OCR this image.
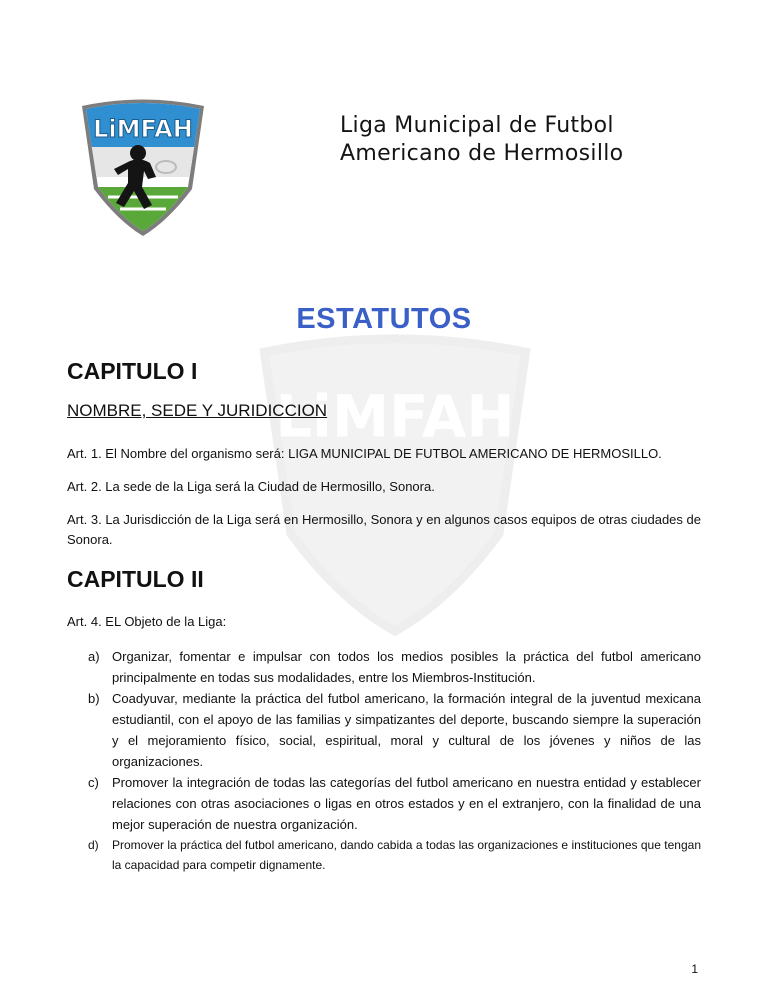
LiMFAH
LiMFAH	Liga Municipal de Futbol
Americano de Hermosillo
ESTATUTOS
CAPITULO I
NOMBRE, SEDE Y JURIDICCION
Art. 1. El Nombre del organismo será: LIGA MUNICIPAL DE FUTBOL AMERICANO DE HERMOSILLO.
Art. 2. La sede de la Liga será la Ciudad de Hermosillo, Sonora.
Art. 3. La Jurisdicción de la Liga será en Hermosillo, Sonora y en algunos casos equipos de otras ciudades de Sonora.
CAPITULO II
Art. 4. EL Objeto de la Liga:
a) Organizar, fomentar e impulsar con todos los medios posibles la práctica del futbol americano principalmente en todas sus modalidades, entre los Miembros-Institución.
b) Coadyuvar, mediante la práctica del futbol americano, la formación integral de la juventud mexicana estudiantil, con el apoyo de las familias y simpatizantes del deporte, buscando siempre la superación y el mejoramiento físico, social, espiritual, moral y cultural de los jóvenes y niños de las organizaciones.
c) Promover la integración de todas las categorías del futbol americano en nuestra entidad y establecer relaciones con otras asociaciones o ligas en otros estados y en el extranjero, con la finalidad de una mejor superación de nuestra organización.
d) Promover la práctica del futbol americano, dando cabida a todas las organizaciones e instituciones que tengan la capacidad para competir dignamente.
1
